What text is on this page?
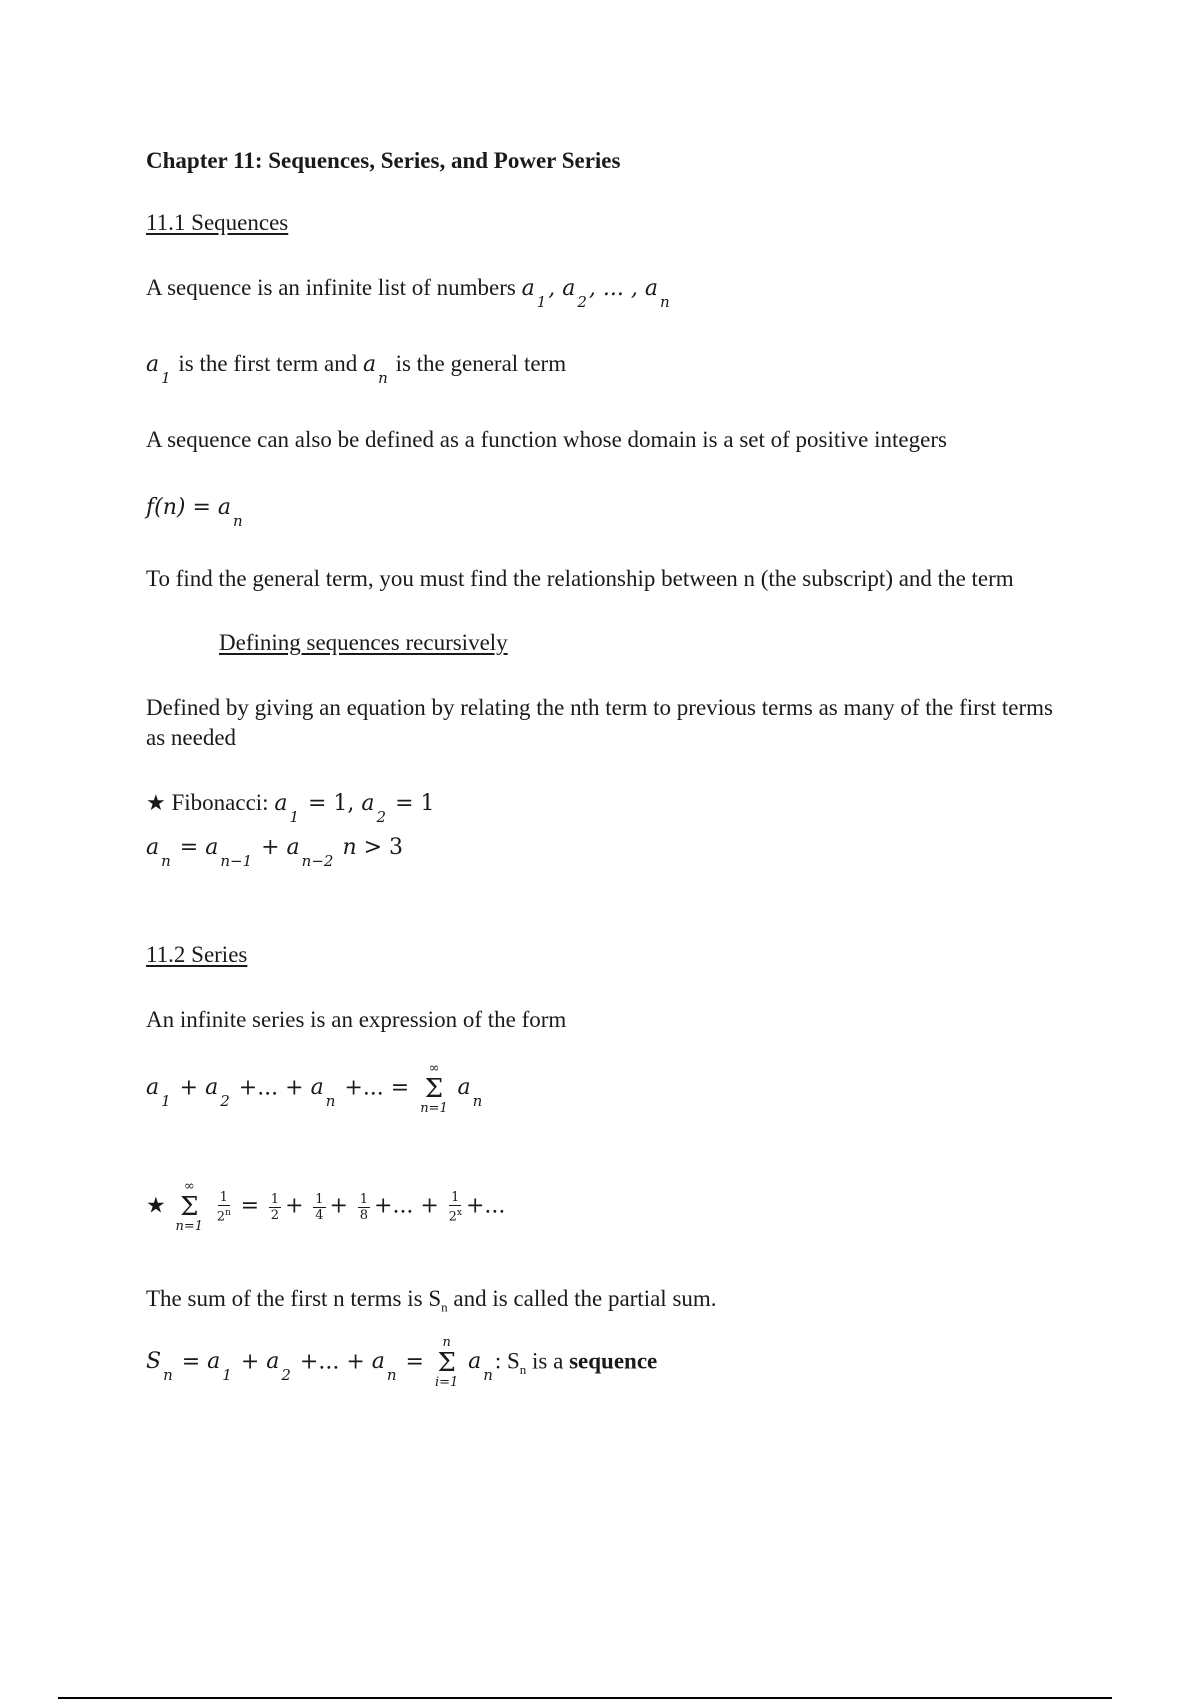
Chapter 11: Sequences, Series, and Power Series
11.1 Sequences
A sequence is an infinite list of numbers $a_1$, $a_2$, ... , $a_n$
$a_1$ is the first term and $a_n$ is the general term
A sequence can also be defined as a function whose domain is a set of positive integers
$f(n) = a_n$
To find the general term, you must find the relationship between n (the subscript) and the term
Defining sequences recursively
Defined by giving an equation by relating the nth term to previous terms as many of the first terms as needed
★ Fibonacci: $a_1 = 1$, $a_2 = 1$
$a_n = a_{n-1} + a_{n-2}$ n > 3
11.2 Series
An infinite series is an expression of the form
$a_1 + a_2$ +... + $a_n$ +... =
∞
Σ
n=1
$a_n$
★
∞
Σ
n=1

$\frac{1}{2^n} = \frac{1}{2} + \frac{1}{4} + \frac{1}{8}$ +... + $\frac{1}{2^x}$ +...
The sum of the first n terms is $S_n$ and is called the partial sum.
$S_n = a_1 + a_2$ +... + $a_n$ =
n
Σ
i=1
$a_n$: $S_n$ is a sequence
